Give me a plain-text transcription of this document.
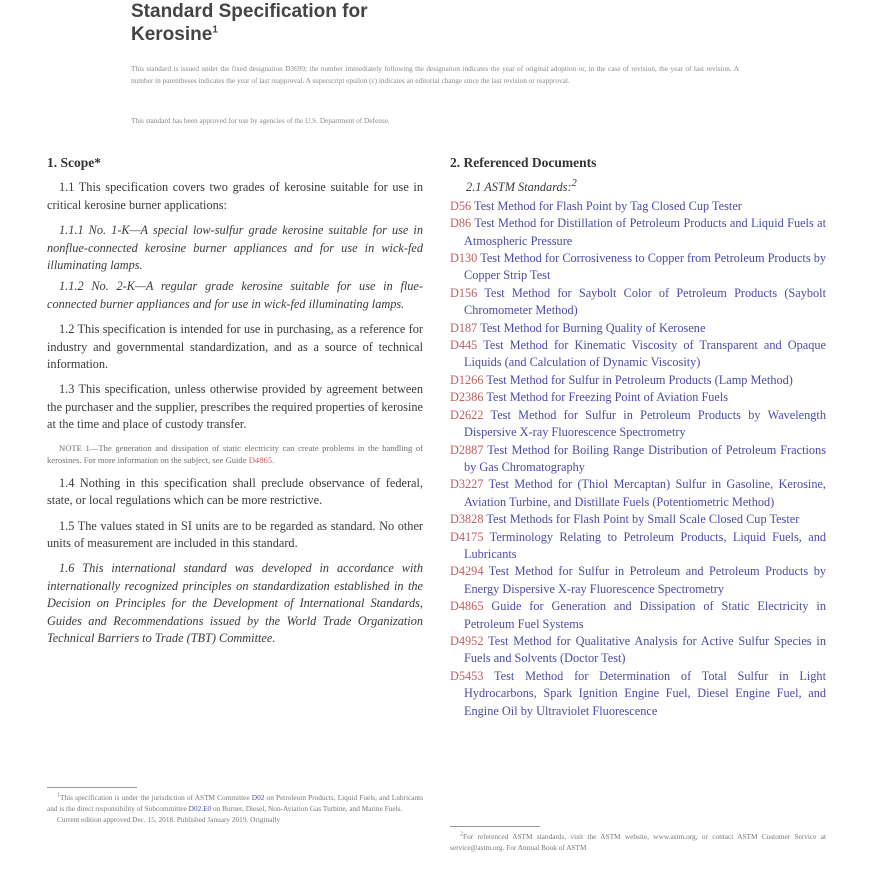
Standard Specification for
Kerosine$^1$
This standard is issued under the fixed designation D3699; the number immediately following the designation indicates the year of original adoption or, in the case of revision, the year of last revision. A number in parentheses indicates the year of last reapproval. A superscript epsilon (ε) indicates an editorial change since the last revision or reapproval.
This standard has been approved for use by agencies of the U.S. Department of Defense.
1. Scope*

1.1 This specification covers two grades of kerosine suitable for use in critical kerosine burner applications:

1.1.1 No. 1-K—A special low-sulfur grade kerosine suitable for use in nonflue-connected kerosine burner appliances and for use in wick-fed illuminating lamps.

1.1.2 No. 2-K—A regular grade kerosine suitable for use in flue-connected burner appliances and for use in wick-fed illuminating lamps.

1.2 This specification is intended for use in purchasing, as a reference for industry and governmental standardization, and as a source of technical information.

1.3 This specification, unless otherwise provided by agreement between the purchaser and the supplier, prescribes the required properties of kerosine at the time and place of custody transfer.

NOTE 1—The generation and dissipation of static electricity can create problems in the handling of kerosines. For more information on the subject, see Guide D4865.

1.4 Nothing in this specification shall preclude observance of federal, state, or local regulations which can be more restrictive.

1.5 The values stated in SI units are to be regarded as standard. No other units of measurement are included in this standard.

1.6 This international standard was developed in accordance with internationally recognized principles on standardization established in the Decision on Principles for the Development of International Standards, Guides and Recommendations issued by the World Trade Organization Technical Barriers to Trade (TBT) Committee.

2. Referenced Documents

2.1 ASTM Standards:$^2$

D56 Test Method for Flash Point by Tag Closed Cup Tester

D86 Test Method for Distillation of Petroleum Products and Liquid Fuels at Atmospheric Pressure

D130 Test Method for Corrosiveness to Copper from Petroleum Products by Copper Strip Test

D156 Test Method for Saybolt Color of Petroleum Products (Saybolt Chromometer Method)

D187 Test Method for Burning Quality of Kerosene

D445 Test Method for Kinematic Viscosity of Transparent and Opaque Liquids (and Calculation of Dynamic Viscosity)

D1266 Test Method for Sulfur in Petroleum Products (Lamp Method)

D2386 Test Method for Freezing Point of Aviation Fuels

D2622 Test Method for Sulfur in Petroleum Products by Wavelength Dispersive X-ray Fluorescence Spectrometry

D2887 Test Method for Boiling Range Distribution of Petroleum Fractions by Gas Chromatography

D3227 Test Method for (Thiol Mercaptan) Sulfur in Gasoline, Kerosine, Aviation Turbine, and Distillate Fuels (Potentiometric Method)

D3828 Test Methods for Flash Point by Small Scale Closed Cup Tester

D4175 Terminology Relating to Petroleum Products, Liquid Fuels, and Lubricants

D4294 Test Method for Sulfur in Petroleum and Petroleum Products by Energy Dispersive X-ray Fluorescence Spectrometry

D4865 Guide for Generation and Dissipation of Static Electricity in Petroleum Fuel Systems

D4952 Test Method for Qualitative Analysis for Active Sulfur Species in Fuels and Solvents (Doctor Test)

D5453 Test Method for Determination of Total Sulfur in Light Hydrocarbons, Spark Ignition Engine Fuel, Diesel Engine Fuel, and Engine Oil by Ultraviolet Fluorescence

$^1$This specification is under the jurisdiction of ASTM Committee D02 on Petroleum Products, Liquid Fuels, and Lubricants and is the direct responsibility of Subcommittee D02.E0 on Burner, Diesel, Non-Aviation Gas Turbine, and Marine Fuels.

Current edition approved Dec. 15, 2018. Published January 2019. Originally

$^2$For referenced ASTM standards, visit the ASTM website, www.astm.org, or contact ASTM Customer Service at service@astm.org. For Annual Book of ASTM
